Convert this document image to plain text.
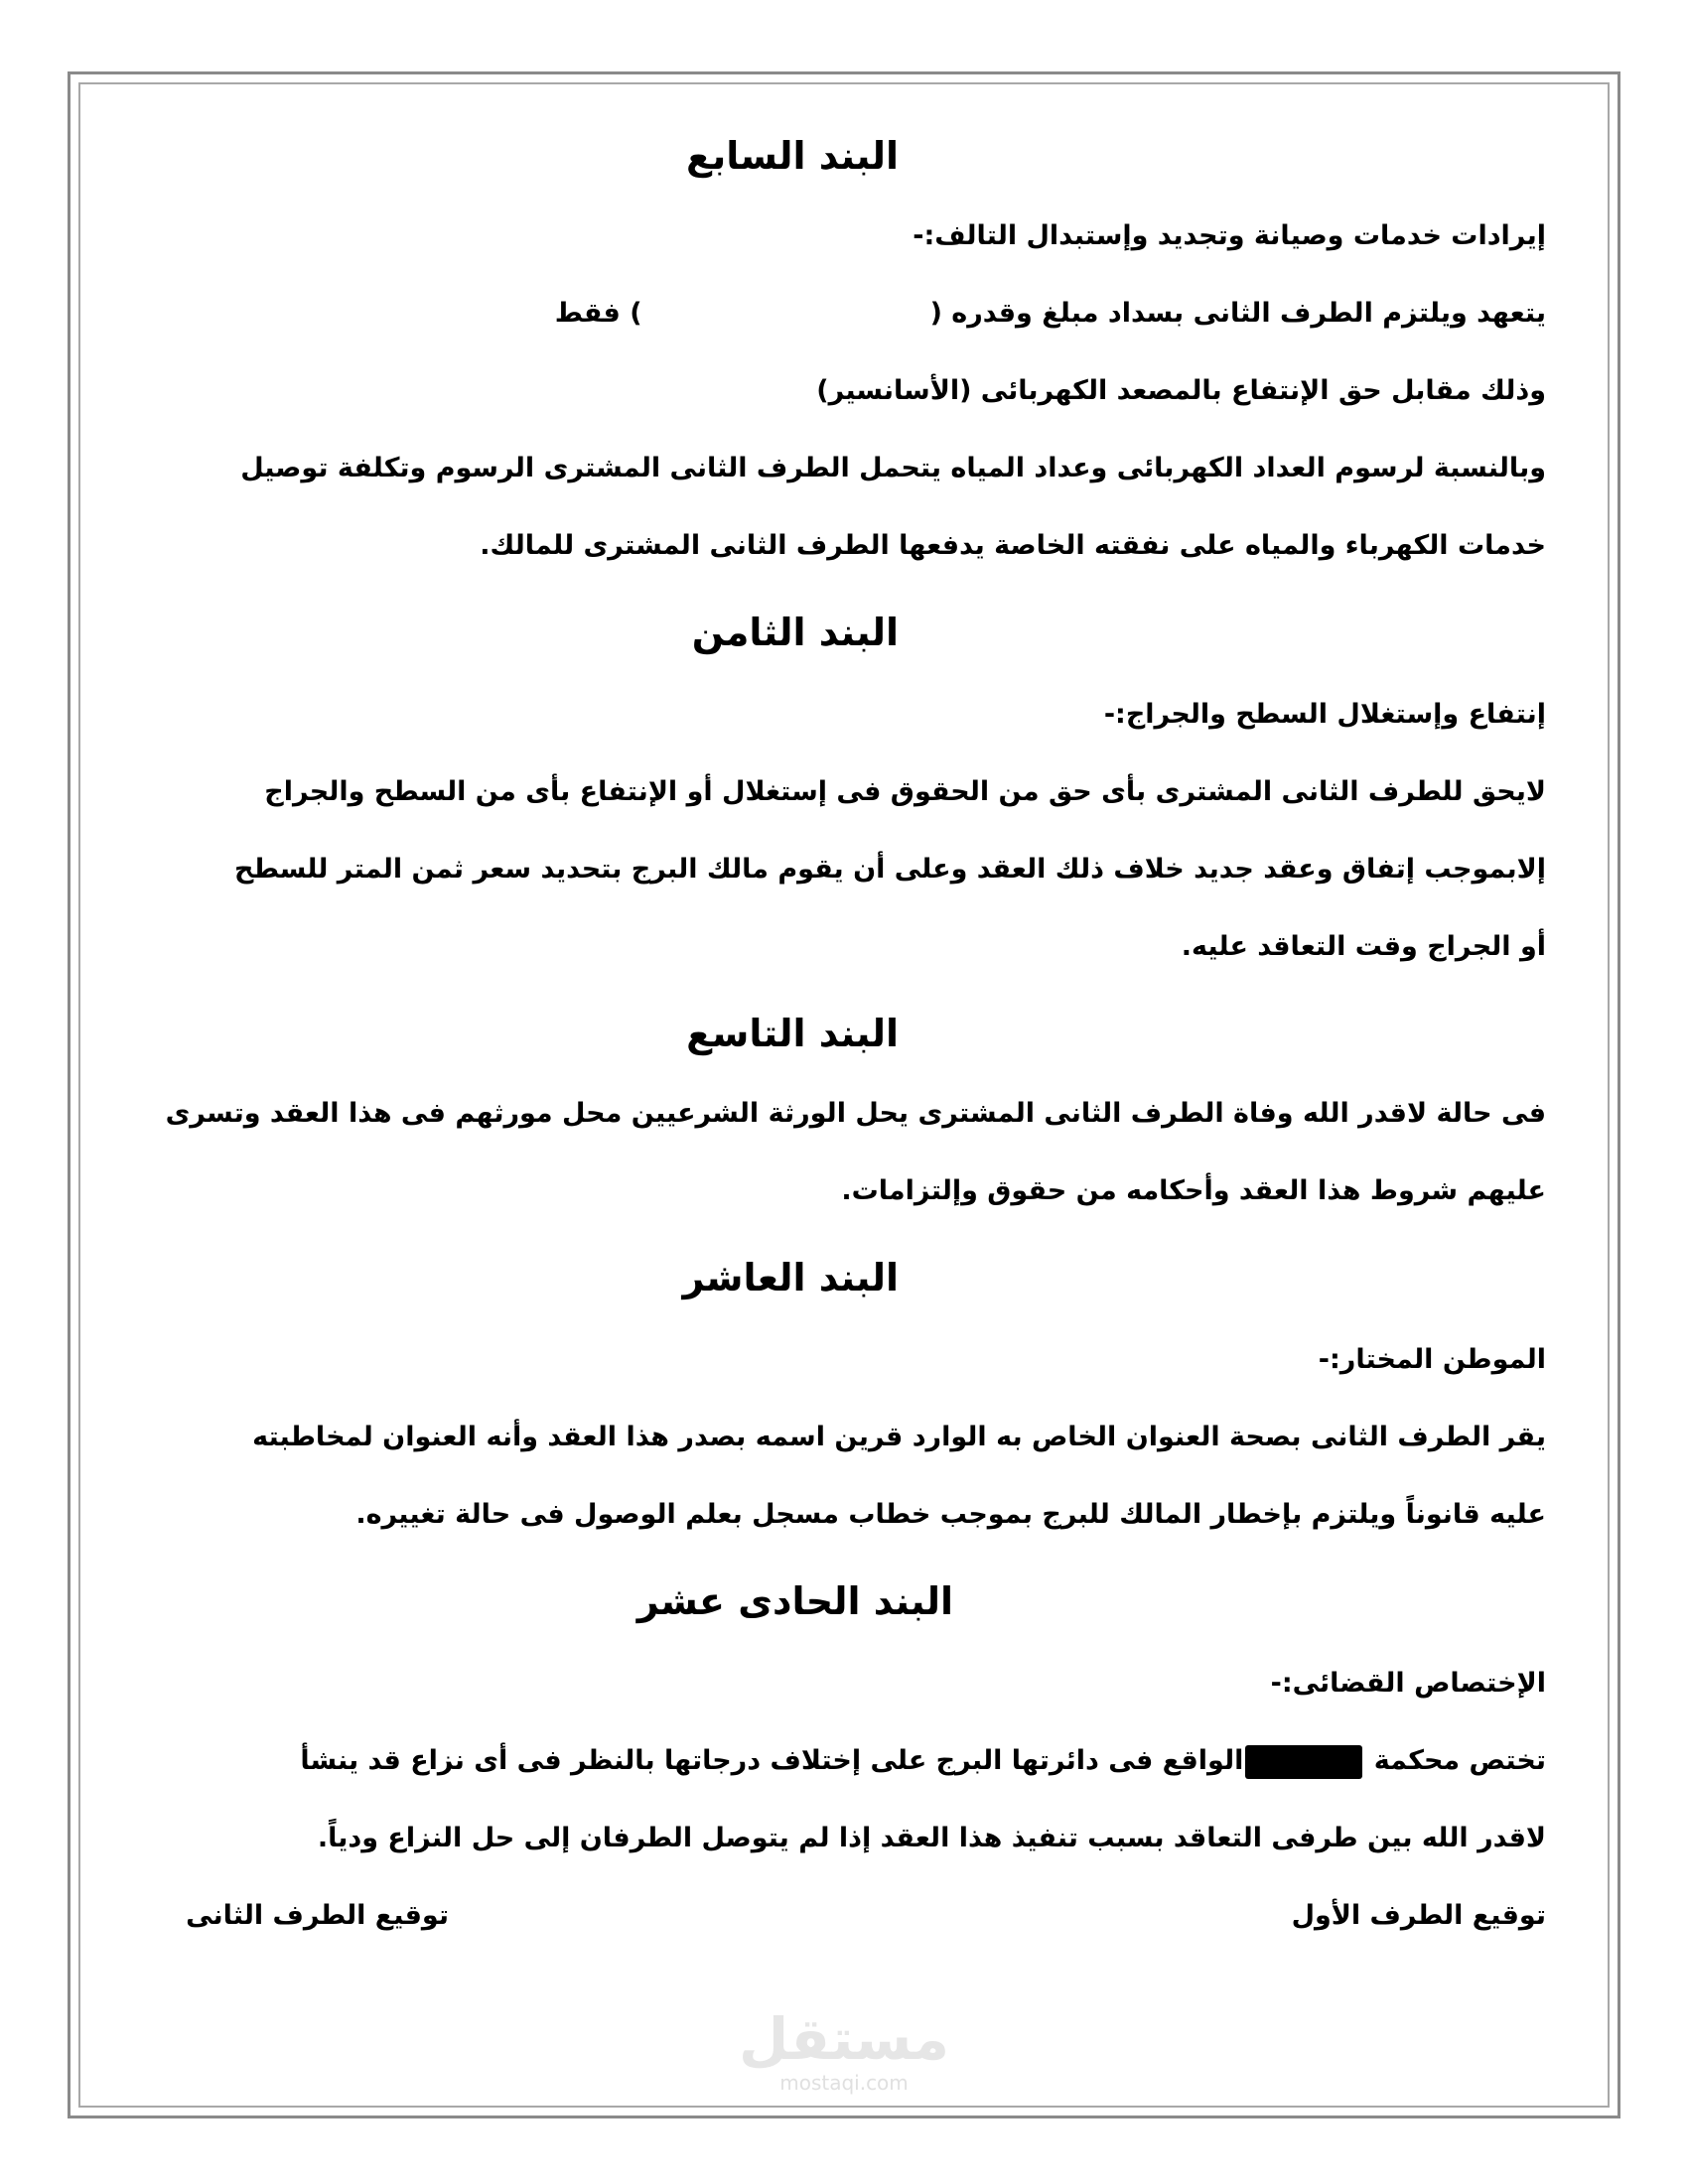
البند السابع
إيرادات خدمات وصيانة وتجديد وإستبدال التالف:-
يتعهد ويلتزم الطرف الثانى بسداد مبلغ وقدره () فقط
وذلك مقابل حق الإنتفاع بالمصعد الكهربائى (الأسانسير)
وبالنسبة لرسوم العداد الكهربائى وعداد المياه يتحمل الطرف الثانى المشترى الرسوم وتكلفة توصيل
خدمات الكهرباء والمياه على نفقته الخاصة يدفعها الطرف الثانى المشترى للمالك.
البند الثامن
إنتفاع وإستغلال السطح والجراج:-
لايحق للطرف الثانى المشترى بأى حق من الحقوق فى إستغلال أو الإنتفاع بأى من السطح والجراج
إلابموجب إتفاق وعقد جديد خلاف ذلك العقد وعلى أن يقوم مالك البرج بتحديد سعر ثمن المتر للسطح
أو الجراج وقت التعاقد عليه.
البند التاسع
فى حالة لاقدر الله وفاة الطرف الثانى المشترى يحل الورثة الشرعيين محل مورثهم فى هذا العقد وتسرى
عليهم شروط هذا العقد وأحكامه من حقوق وإلتزامات.
البند العاشر
الموطن المختار:-
يقر الطرف الثانى بصحة العنوان الخاص به الوارد قرين اسمه بصدر هذا العقد وأنه العنوان لمخاطبته
عليه قانوناً ويلتزم بإخطار المالك للبرج بموجب خطاب مسجل بعلم الوصول فى حالة تغييره.
البند الحادى عشر
الإختصاص القضائى:-
تختص محكمة الواقع فى دائرتها البرج على إختلاف درجاتها بالنظر فى أى نزاع قد ينشأ
لاقدر الله بين طرفى التعاقد بسبب تنفيذ هذا العقد إذا لم يتوصل الطرفان إلى حل النزاع ودياً.
توقيع الطرف الأول
توقيع الطرف الثانى
مستقل
mostaqi.com
